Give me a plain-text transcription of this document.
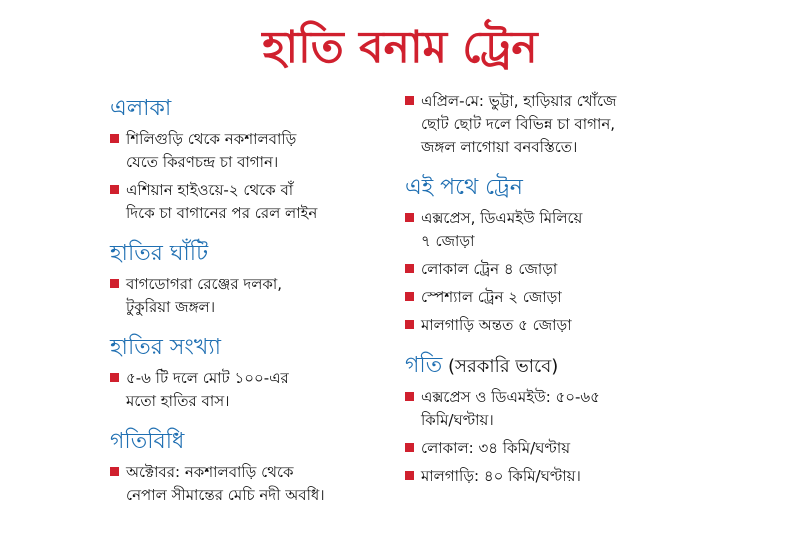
হাতি বনাম ট্রেন
এলাকা
শিলিগুড়ি থেকে নকশালবাড়ি
যেতে কিরণচন্দ্র চা বাগান।
এশিয়ান হাইওয়ে-২ থেকে বাঁ
দিকে চা বাগানের পর রেল লাইন
হাতির ঘাঁটি
বাগডোগরা রেঞ্জের দলকা,
টুকুরিয়া জঙ্গল।
হাতির সংখ্যা
৫-৬ টি দলে মোট ১০০-এর
মতো হাতির বাস।
গতিবিধি
অক্টোবর: নকশালবাড়ি থেকে
নেপাল সীমান্তের মেচি নদী অবধি।
এপ্রিল-মে: ভুট্টা, হাড়িয়ার খোঁজে
ছোট ছোট দলে বিভিন্ন চা বাগান,
জঙ্গল লাগোয়া বনবস্তিতে।
এই পথে ট্রেন
এক্সপ্রেস, ডিএমইউ মিলিয়ে
৭ জোড়া
লোকাল ট্রেন ৪ জোড়া
স্পেশ্যাল ট্রেন ২ জোড়া
মালগাড়ি অন্তত ৫ জোড়া
গতি (সরকারি ভাবে)
এক্সপ্রেস ও ডিএমইউ: ৫০-৬৫
কিমি/ঘণ্টায়।
লোকাল: ৩৪ কিমি/ঘণ্টায়
মালগাড়ি: ৪০ কিমি/ঘণ্টায়।
